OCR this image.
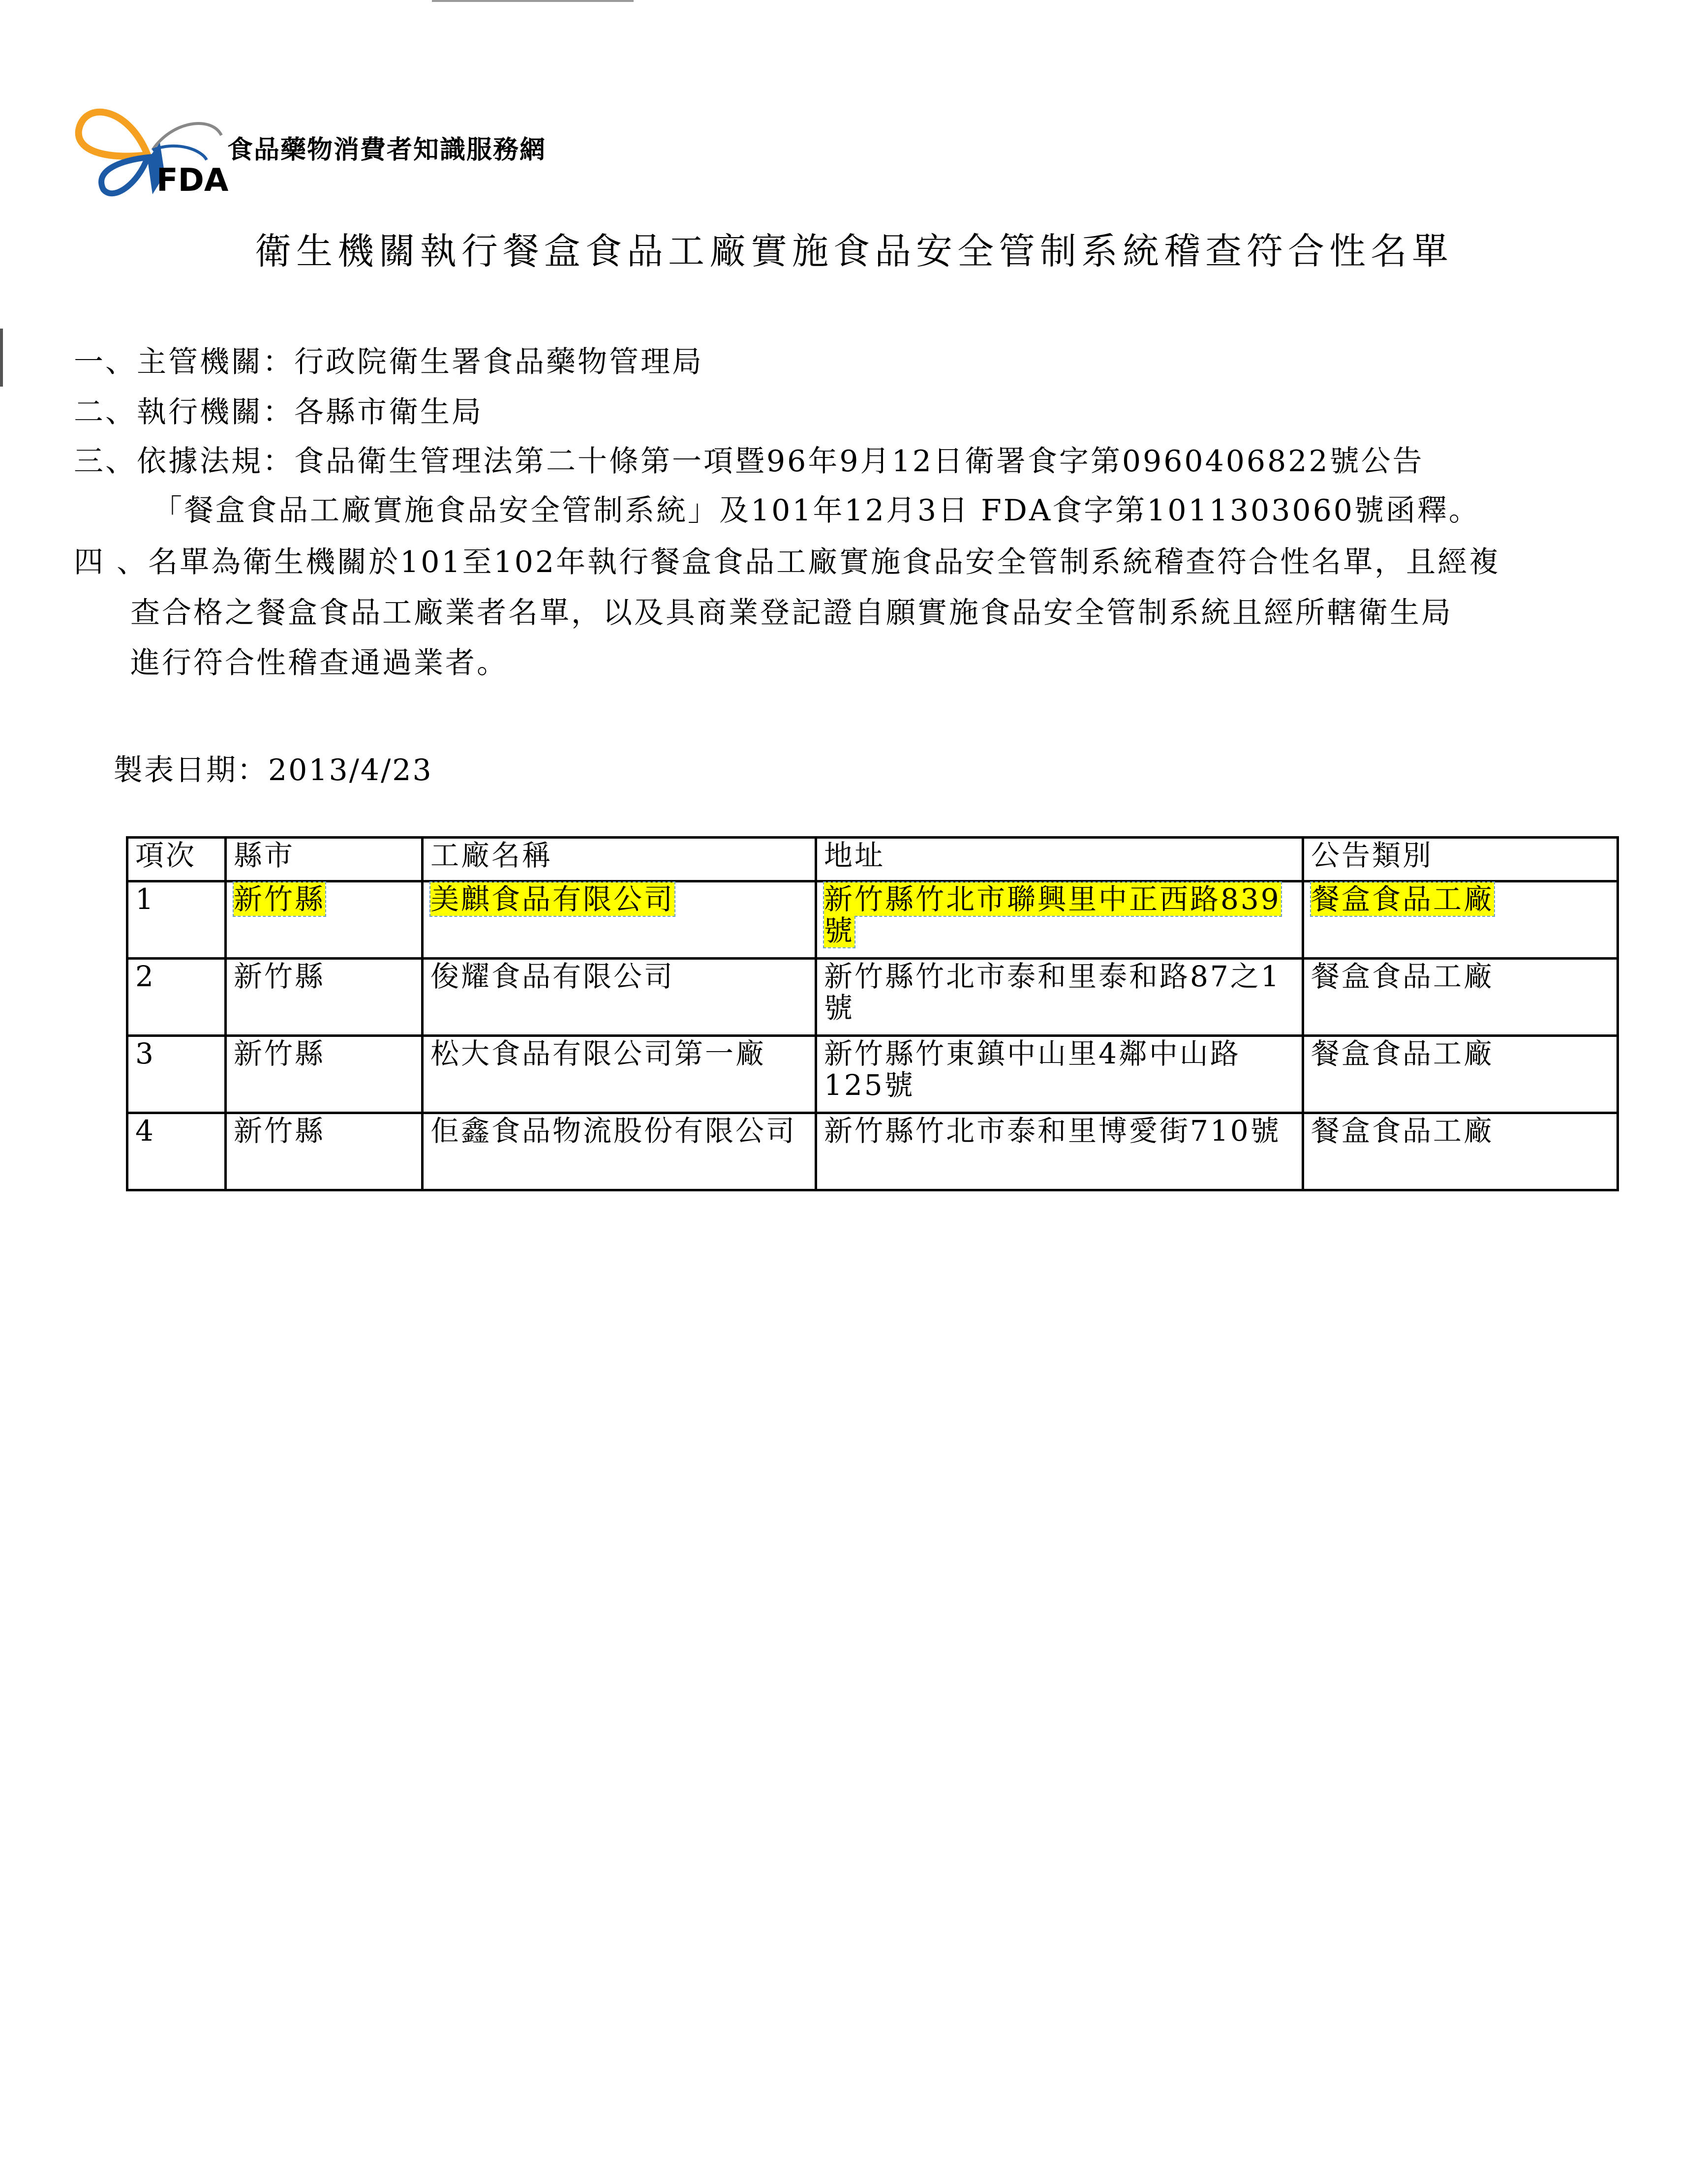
食品藥物消費者知識服務網
FDA
衛生機關執行餐盒食品工廠實施食品安全管制系統稽查符合性名單
一、主管機關：行政院衛生署食品藥物管理局
二、執行機關：各縣市衛生局
三、依據法規：食品衛生管理法第二十條第一項暨96年9月12日衛署食字第0960406822號公告
「餐盒食品工廠實施食品安全管制系統」及101年12月3日 FDA食字第1011303060號函釋。
四 、名單為衛生機關於101至102年執行餐盒食品工廠實施食品安全管制系統稽查符合性名單，且經複
查合格之餐盒食品工廠業者名單，以及具商業登記證自願實施食品安全管制系統且經所轄衛生局
進行符合性稽查通過業者。
製表日期：2013/4/23
項次	縣市	工廠名稱	地址	公告類別
1	新竹縣	美麒食品有限公司	新竹縣竹北市聯興里中正西路839號	餐盒食品工廠
2	新竹縣	俊耀食品有限公司	新竹縣竹北市泰和里泰和路87之1號	餐盒食品工廠
3	新竹縣	松大食品有限公司第一廠	新竹縣竹東鎮中山里4鄰中山路125號	餐盒食品工廠
4	新竹縣	佢鑫食品物流股份有限公司	新竹縣竹北市泰和里博愛街710號	餐盒食品工廠
